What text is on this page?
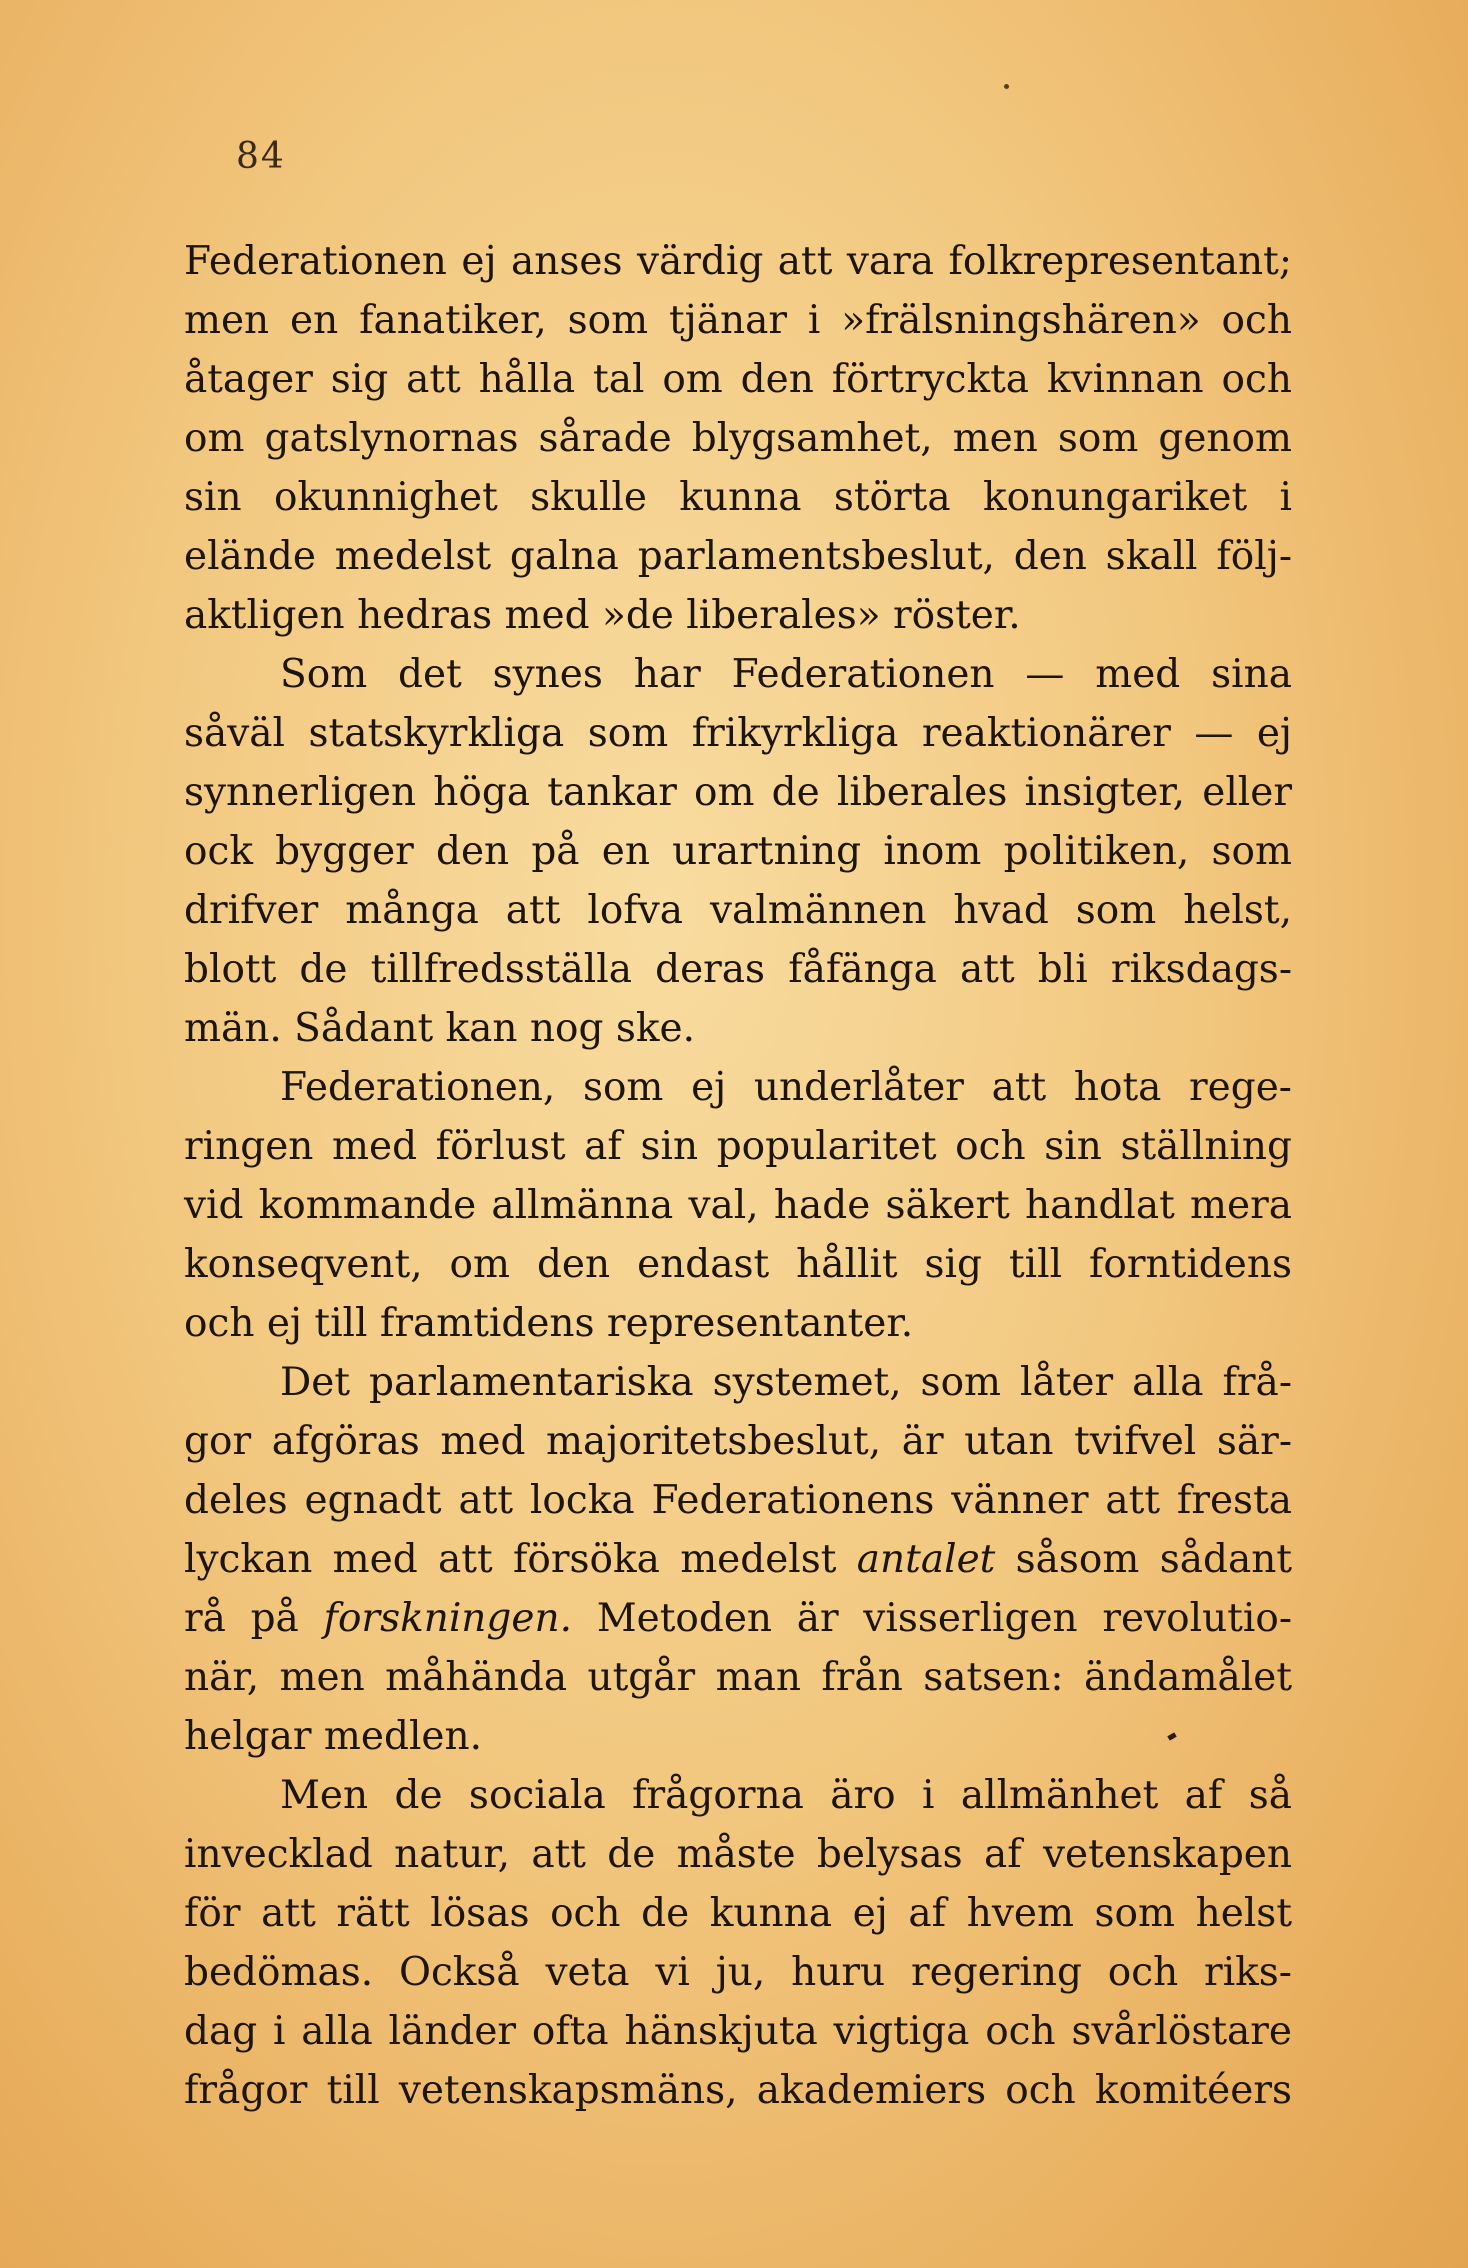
84
Federationen ej anses värdig att vara folkrepresentant;
men en fanatiker, som tjänar i »frälsningshären» och
åtager sig att hålla tal om den förtryckta kvinnan och
om gatslynornas sårade blygsamhet, men som genom
sin okunnighet skulle kunna störta konungariket i
elände medelst galna parlamentsbeslut, den skall följ-
aktligen hedras med »de liberales» röster.
Som det synes har Federationen — med sina
såväl statskyrkliga som frikyrkliga reaktionärer — ej
synnerligen höga tankar om de liberales insigter, eller
ock bygger den på en urartning inom politiken, som
drifver många att lofva valmännen hvad som helst,
blott de tillfredsställa deras fåfänga att bli riksdags-
män. Sådant kan nog ske.
Federationen, som ej underlåter att hota rege-
ringen med förlust af sin popularitet och sin ställning
vid kommande allmänna val, hade säkert handlat mera
konseqvent, om den endast hållit sig till forntidens
och ej till framtidens representanter.
Det parlamentariska systemet, som låter alla frå-
gor afgöras med majoritetsbeslut, är utan tvifvel sär-
deles egnadt att locka Federationens vänner att fresta
lyckan med att försöka medelst antalet såsom sådant
rå på forskningen. Metoden är visserligen revolutio-
när, men måhända utgår man från satsen: ändamålet
helgar medlen.
Men de sociala frågorna äro i allmänhet af så
invecklad natur, att de måste belysas af vetenskapen
för att rätt lösas och de kunna ej af hvem som helst
bedömas. Också veta vi ju, huru regering och riks-
dag i alla länder ofta hänskjuta vigtiga och svårlöstare
frågor till vetenskapsmäns, akademiers och komitéers
